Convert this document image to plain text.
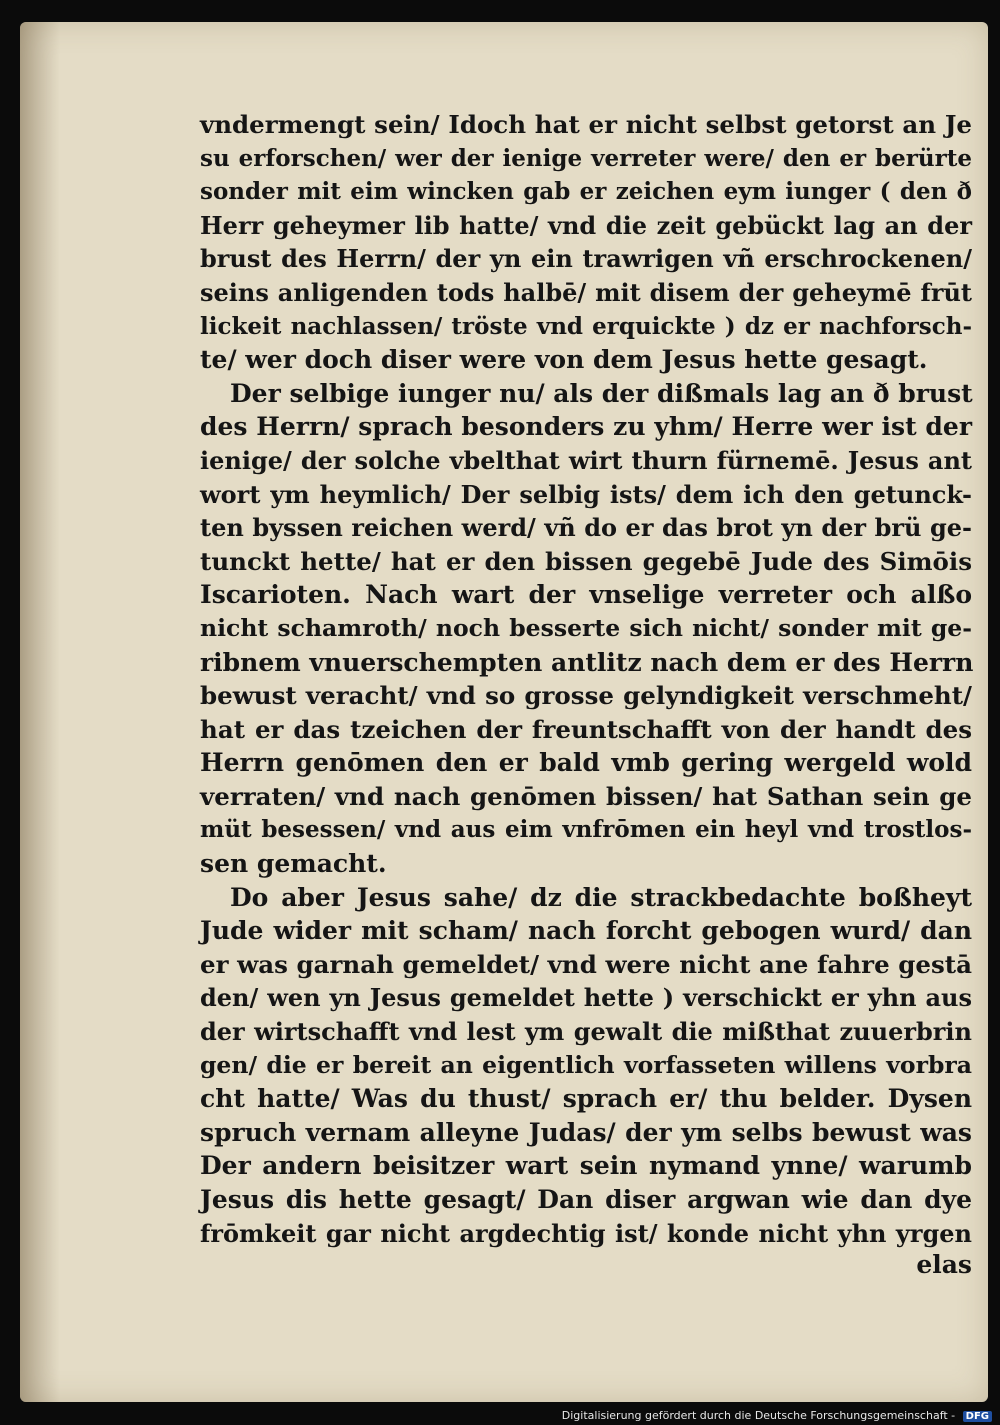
vndermengt sein/ Idoch hat er nicht selbst getorst an Je
su erforschen/ wer der ienige verreter were/ den er berürte
sonder mit eim wincken gab er zeichen eym iunger ( den ð
Herr geheymer lib hatte/ vnd die zeit gebückt lag an der
brust des Herrn/ der yn ein trawrigen vñ erschrockenen/
seins anligenden tods halbē/ mit disem der geheymē frūt
lickeit nachlassen/ tröste vnd erquickte ) dz er nachforsch-
te/ wer doch diser were von dem Jesus hette gesagt.
Der selbige iunger nu/ als der dißmals lag an ð brust
des Herrn/ sprach besonders zu yhm/ Herre wer ist der
ienige/ der solche vbelthat wirt thurn fürnemē. Jesus ant
wort ym heymlich/ Der selbig ists/ dem ich den getunck-
ten byssen reichen werd/ vñ do er das brot yn der brü ge-
tunckt hette/ hat er den bissen gegebē Jude des Simōis
Iscarioten. Nach wart der vnselige verreter och alßo
nicht schamroth/ noch besserte sich nicht/ sonder mit ge-
ribnem vnuerschempten antlitz nach dem er des Herrn
bewust veracht/ vnd so grosse gelyndigkeit verschmeht/
hat er das tzeichen der freuntschafft von der handt des
Herrn genōmen den er bald vmb gering wergeld wold
verraten/ vnd nach genōmen bissen/ hat Sathan sein ge
müt besessen/ vnd aus eim vnfrōmen ein heyl vnd trostlos-
sen gemacht.
Do aber Jesus sahe/ dz die strackbedachte boßheyt
Jude wider mit scham/ nach forcht gebogen wurd/ dan
er was garnah gemeldet/ vnd were nicht ane fahre gestā
den/ wen yn Jesus gemeldet hette ) verschickt er yhn aus
der wirtschafft vnd lest ym gewalt die mißthat zuuerbrin
gen/ die er bereit an eigentlich vorfasseten willens vorbra
cht hatte/ Was du thust/ sprach er/ thu belder. Dysen
spruch vernam alleyne Judas/ der ym selbs bewust was
Der andern beisitzer wart sein nymand ynne/ warumb
Jesus dis hette gesagt/ Dan diser argwan wie dan dye
frōmkeit gar nicht argdechtig ist/ konde nicht yhn yrgen
elas
Digitalisierung gefördert durch die Deutsche Forschungsgemeinschaft - DFG
